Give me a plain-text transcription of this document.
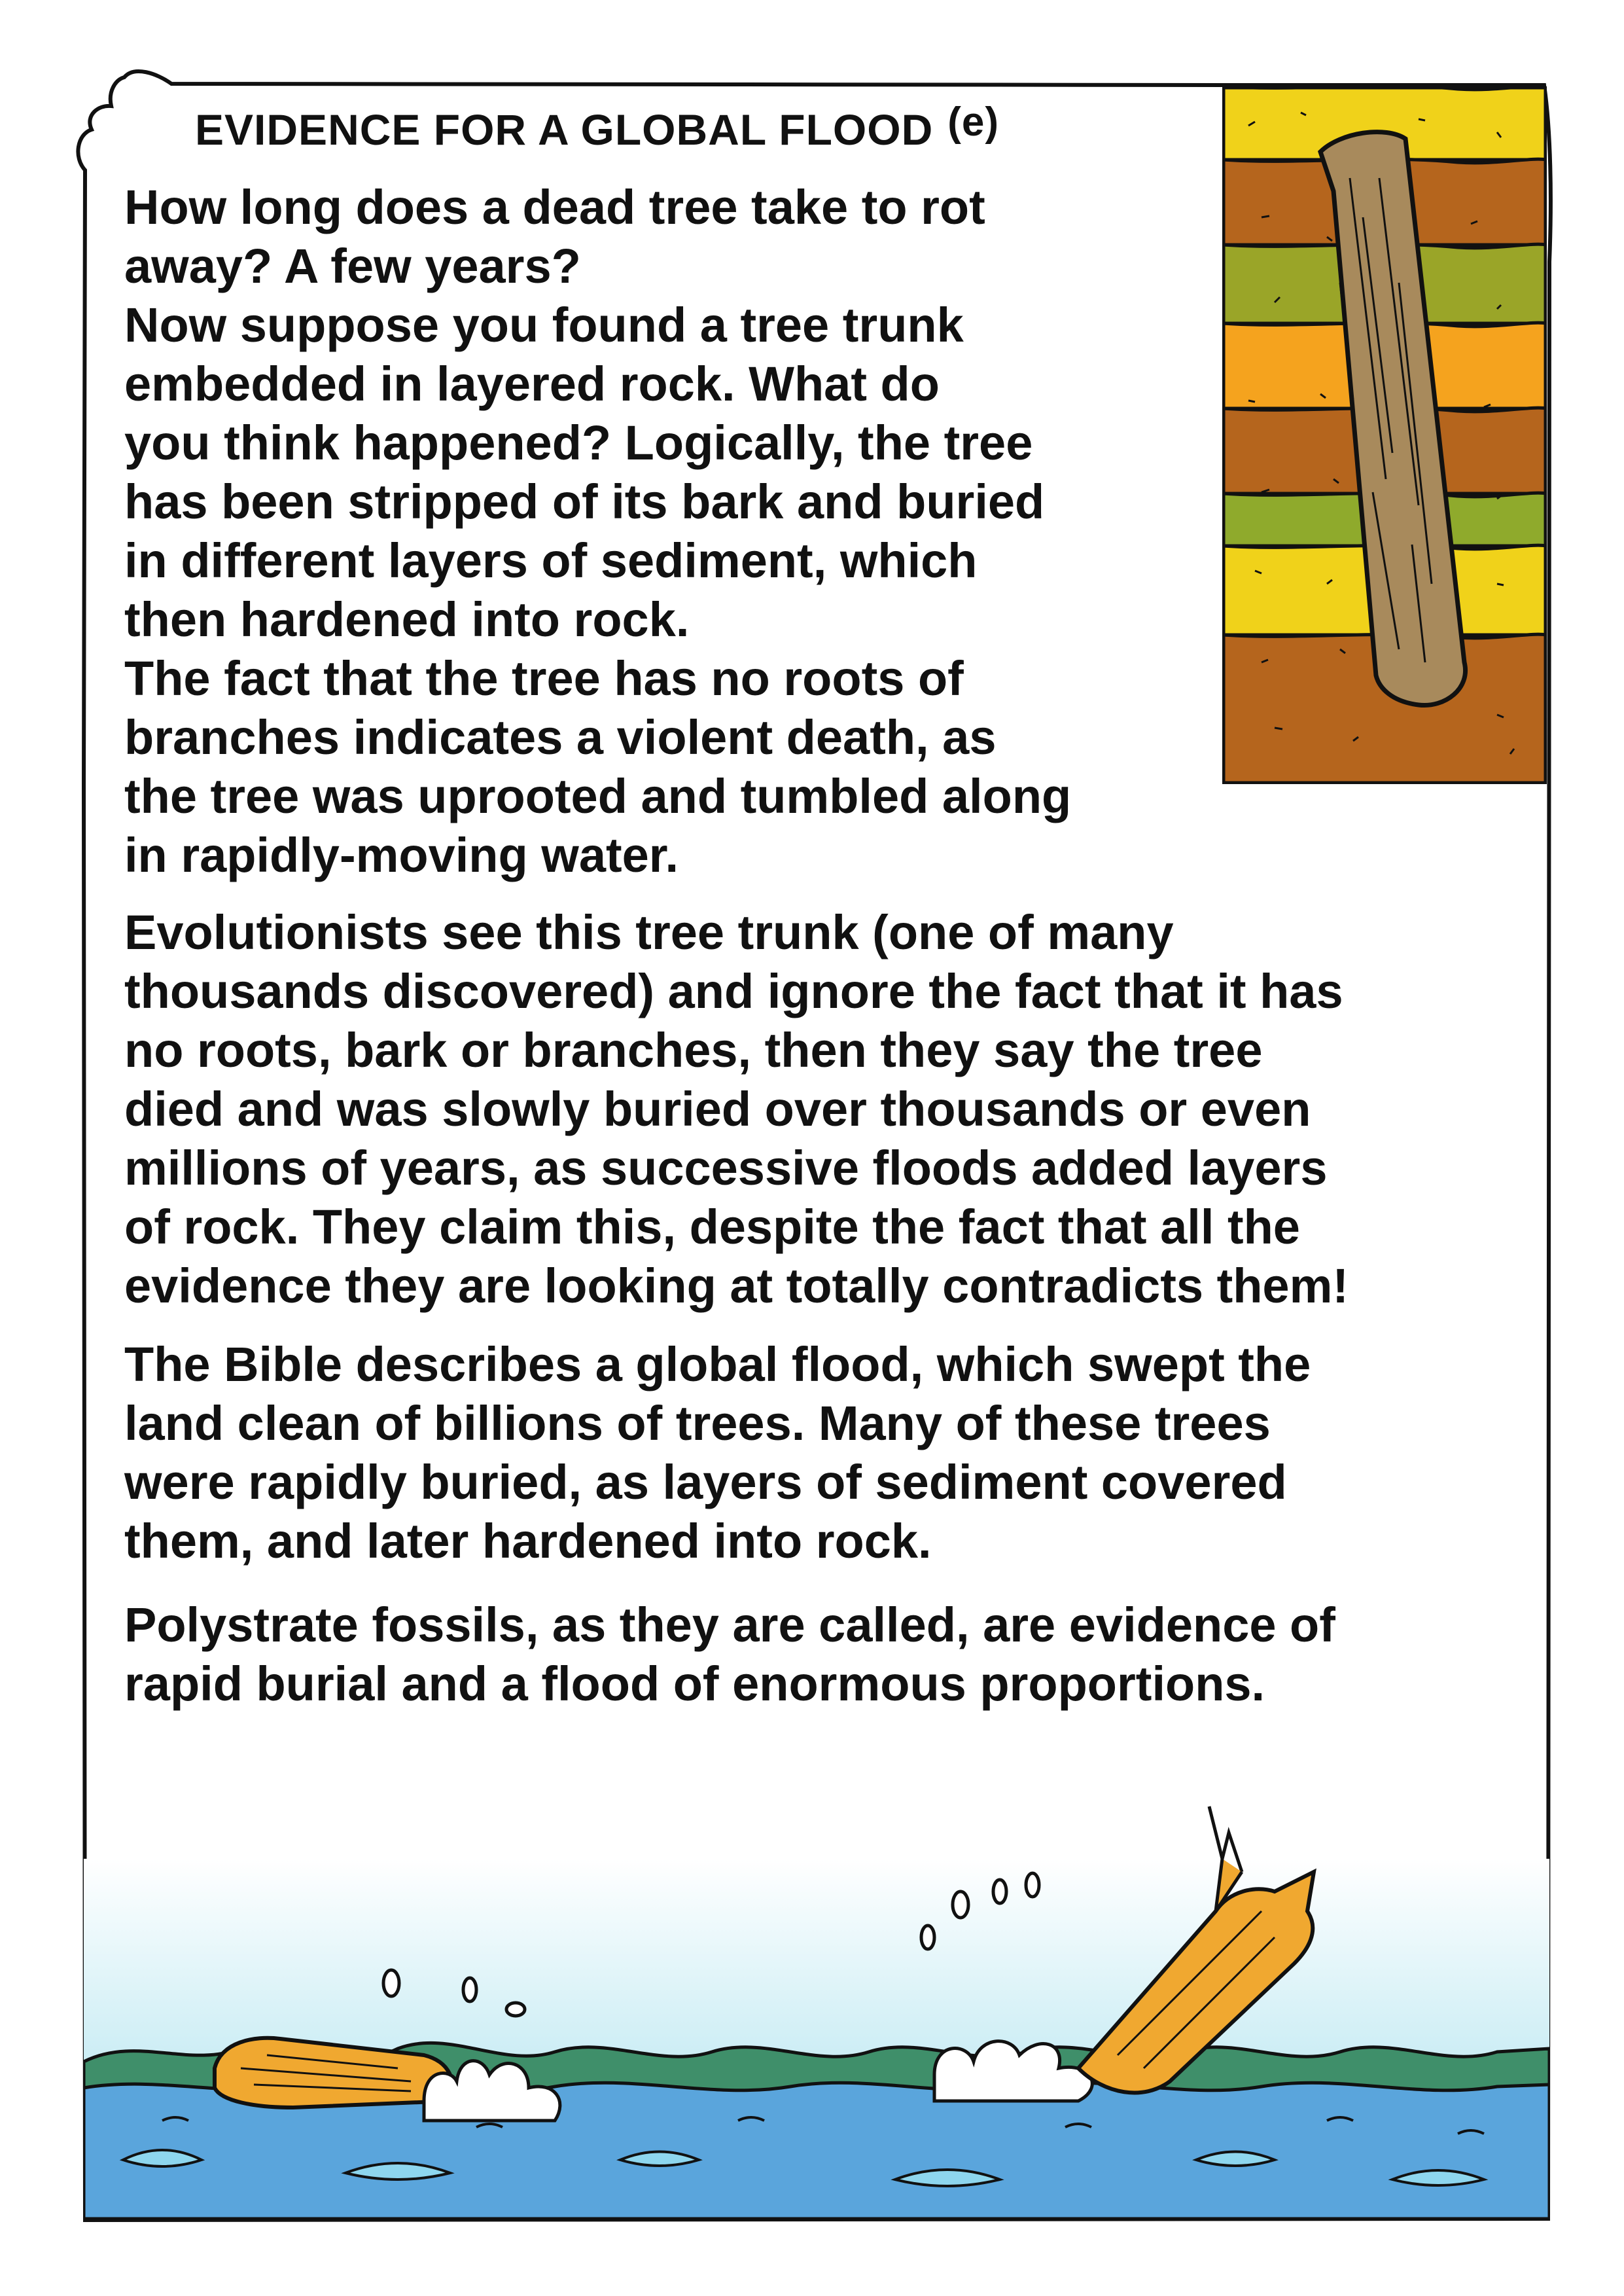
EVIDENCE FOR A GLOBAL FLOOD (e)

How long does a dead tree take to rot
away? A few years?
Now suppose you found a tree trunk
embedded in layered rock. What do
you think happened? Logically, the tree
has been stripped of its bark and buried
in different layers of sediment, which
then hardened into rock.
The fact that the tree has no roots of
branches indicates a violent death, as
the tree was uprooted and tumbled along
in rapidly-moving water.

Evolutionists see this tree trunk (one of many
thousands discovered) and ignore the fact that it has
no roots, bark or branches, then they say the tree
died and was slowly buried over thousands or even
millions of years, as successive floods added layers
of rock. They claim this, despite the fact that all the
evidence they are looking at totally contradicts them!

The Bible describes a global flood, which swept the
land clean of billions of trees. Many of these trees
were rapidly buried, as layers of sediment covered
them, and later hardened into rock.

Polystrate fossils, as they are called, are evidence of
rapid burial and a flood of enormous proportions.
